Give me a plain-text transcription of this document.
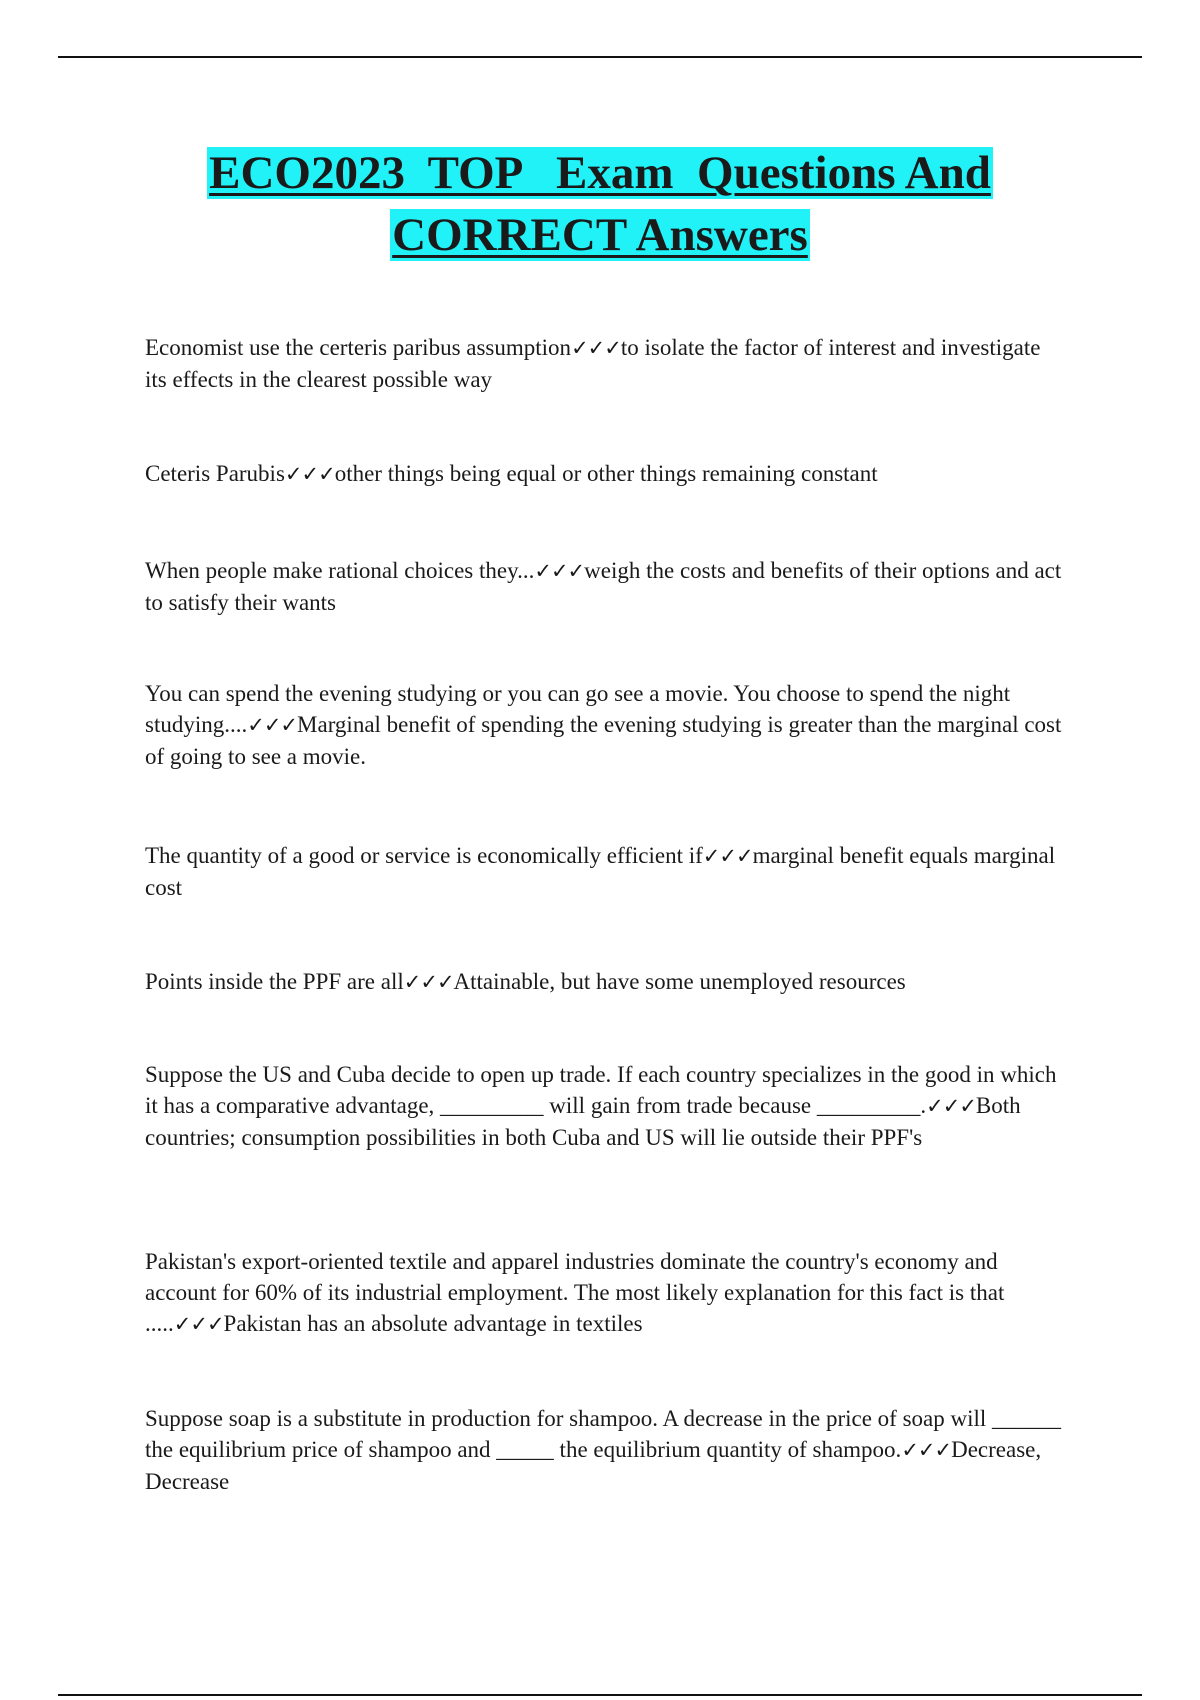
ECO2023  TOP   Exam  Questions And
CORRECT Answers

Economist use the certeris paribus assumption✓✓✓to isolate the factor of interest and investigate its effects in the clearest possible way

Ceteris Parubis✓✓✓other things being equal or other things remaining constant

When people make rational choices they...✓✓✓weigh the costs and benefits of their options and act to satisfy their wants

You can spend the evening studying or you can go see a movie. You choose to spend the night studying....✓✓✓Marginal benefit of spending the evening studying is greater than the marginal cost of going to see a movie.

The quantity of a good or service is economically efficient if✓✓✓marginal benefit equals marginal cost

Points inside the PPF are all✓✓✓Attainable, but have some unemployed resources

Suppose the US and Cuba decide to open up trade. If each country specializes in the good in which it has a comparative advantage, _________ will gain from trade because _________.✓✓✓Both countries; consumption possibilities in both Cuba and US will lie outside their PPF's

Pakistan's export-oriented textile and apparel industries dominate the country's economy and account for 60% of its industrial employment. The most likely explanation for this fact is that .....✓✓✓Pakistan has an absolute advantage in textiles

Suppose soap is a substitute in production for shampoo. A decrease in the price of soap will ______ the equilibrium price of shampoo and _____ the equilibrium quantity of shampoo.✓✓✓Decrease, Decrease
